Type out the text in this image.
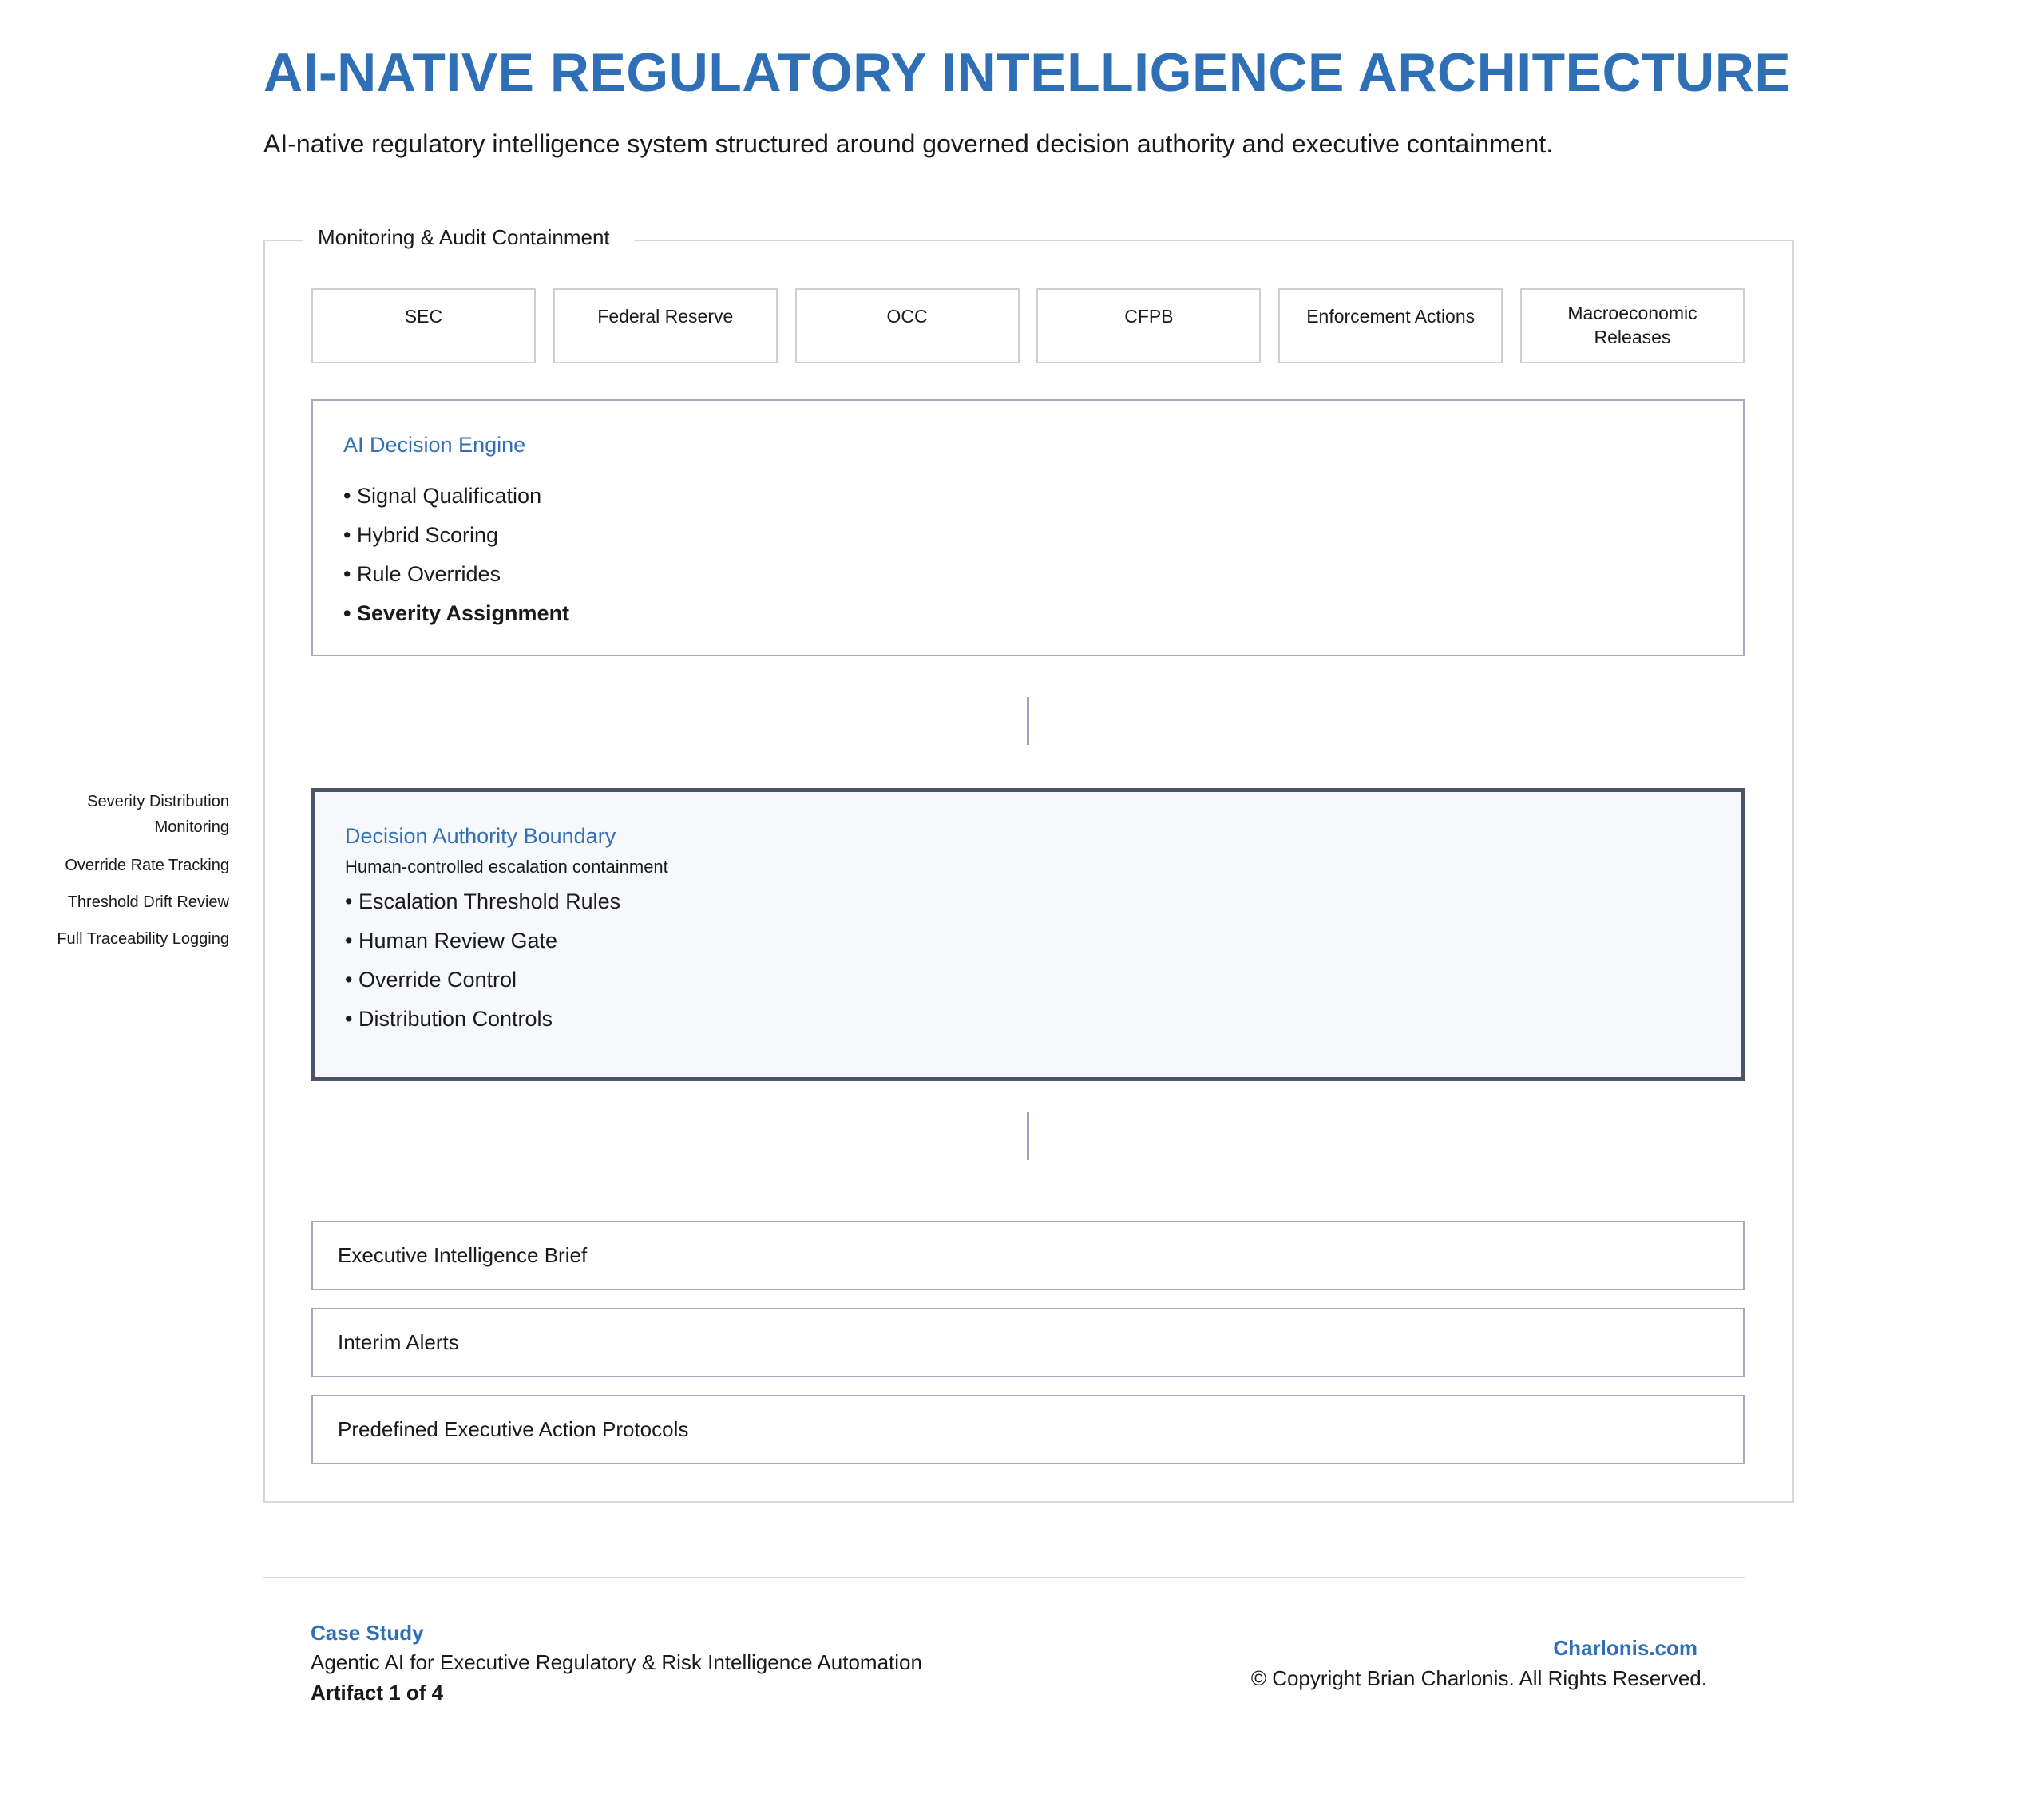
AI-NATIVE REGULATORY INTELLIGENCE ARCHITECTURE

AI-native regulatory intelligence system structured around governed decision authority and executive containment.

Monitoring & Audit Containment
SEC	Federal Reserve	OCC	CFPB	Enforcement Actions	Macroeconomic Releases
AI Decision Engine
• Signal Qualification
• Hybrid Scoring
• Rule Overrides
• Severity Assignment
Severity Distribution Monitoring
Override Rate Tracking
Threshold Drift Review
Full Traceability Logging
Decision Authority Boundary
Human-controlled escalation containment
• Escalation Threshold Rules
• Human Review Gate
• Override Control
• Distribution Controls
Executive Intelligence Brief
Interim Alerts
Predefined Executive Action Protocols
Case Study
Agentic AI for Executive Regulatory & Risk Intelligence Automation
Artifact 1 of 4
Charlonis.com
© Copyright Brian Charlonis. All Rights Reserved.
